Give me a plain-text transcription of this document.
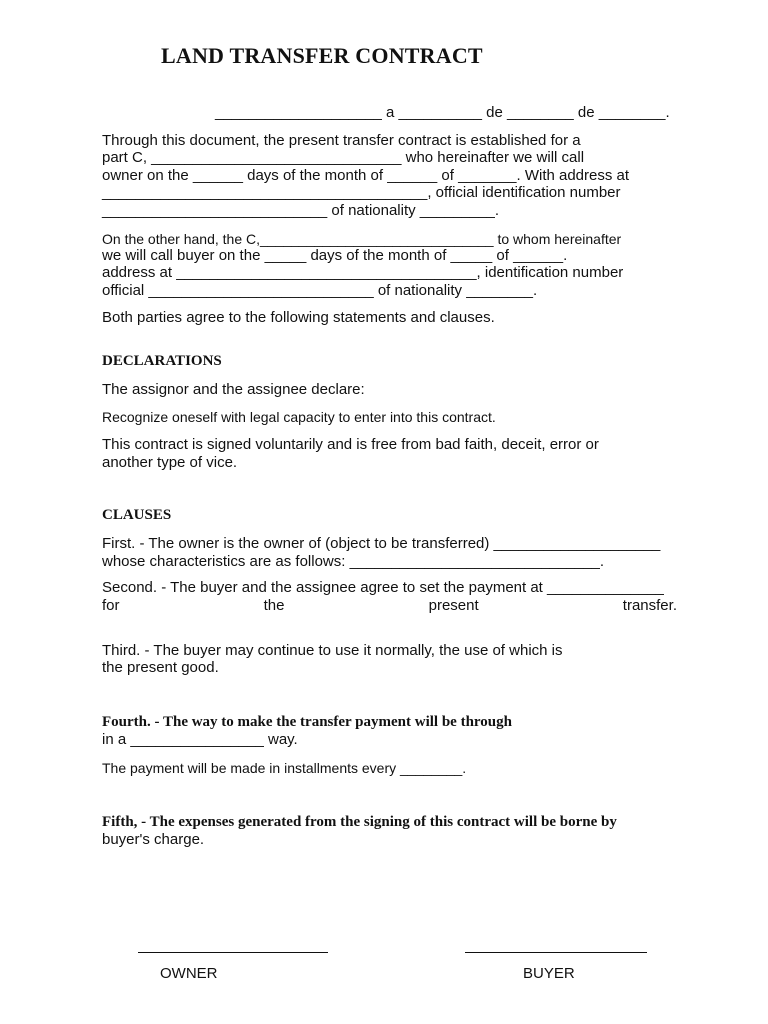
LAND TRANSFER CONTRACT
____________________ a __________ de ________ de ________.
Through this document, the present transfer contract is established for a
part C, ______________________________ who hereinafter we will call
owner on the ______ days of the month of ______ of _______. With address at
_______________________________________, official identification number
___________________________ of nationality _________.
On the other hand, the C,______________________________ to whom hereinafter
we will call buyer on the _____ days of the month of _____ of ______.
address at ____________________________________, identification number
official ___________________________ of nationality ________.
Both parties agree to the following statements and clauses.
DECLARATIONS
The assignor and the assignee declare:
Recognize oneself with legal capacity to enter into this contract.
This contract is signed voluntarily and is free from bad faith, deceit, error or
another type of vice.
CLAUSES
First. - The owner is the owner of (object to be transferred) ____________________
whose characteristics are as follows: ______________________________.
Second. - The buyer and the assignee agree to set the payment at ______________
for	the	present	transfer.
Third. - The buyer may continue to use it normally, the use of which is
the present good.
Fourth. - The way to make the transfer payment will be through
in a ________________ way.
The payment will be made in installments every ________.
Fifth, - The expenses generated from the signing of this contract will be borne by
buyer's charge.
OWNER	BUYER
